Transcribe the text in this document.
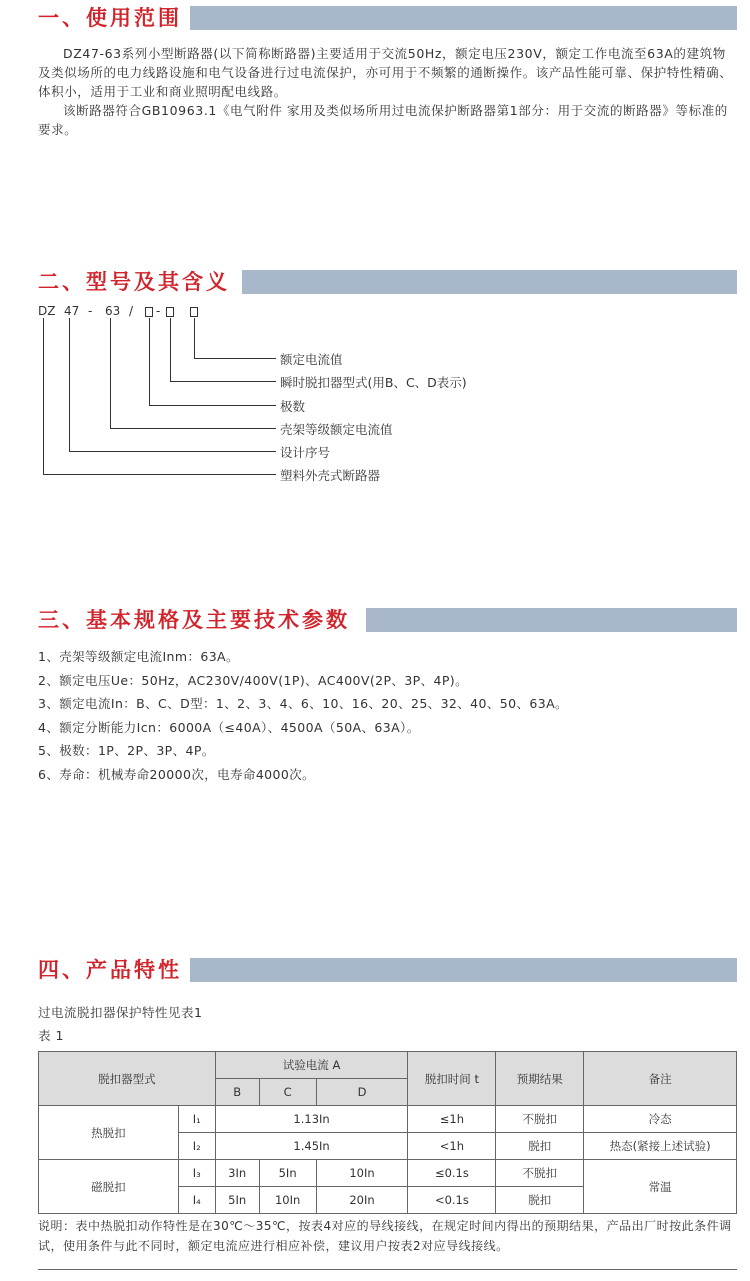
一、使用范围

DZ47-63系列小型断路器(以下简称断路器)主要适用于交流50Hz，额定电压230V，额定工作电流至63A的建筑物及类似场所的电力线路设施和电气设备进行过电流保护，亦可用于不频繁的通断操作。该产品性能可靠、保护特性精确、体积小，适用于工业和商业照明配电线路。

该断路器符合GB10963.1《电气附件 家用及类似场所用过电流保护断路器第1部分：用于交流的断路器》等标准的要求。

二、型号及其含义
DZ 47 - 63 / -
额定电流值
瞬时脱扣器型式(用B、C、D表示)
极数
壳架等级额定电流值
设计序号
塑料外壳式断路器
三、基本规格及主要技术参数
1、壳架等级额定电流Inm：63A。
2、额定电压Ue：50Hz，AC230V/400V(1P)、AC400V(2P、3P、4P)。
3、额定电流In：B、C、D型：1、2、3、4、6、10、16、20、25、32、40、50、63A。
4、额定分断能力Icn：6000A（≤40A）、4500A（50A、63A）。
5、极数：1P、2P、3P、4P。
6、寿命：机械寿命20000次，电寿命4000次。
四、产品特性
过电流脱扣器保护特性见表1
表 1
脱扣器型式		试验电流 A			脱扣时间 t	预期结果	备注
		B	C	D			
热脱扣	I₁	1.13In			≤1h	不脱扣	冷态
	I₂	1.45In			<1h	脱扣	热态(紧接上述试验)
磁脱扣	I₃	3In	5In	10In	≤0.1s	不脱扣	常温
	I₄	5In	10In	20In	<0.1s	脱扣	
说明：表中热脱扣动作特性是在30℃～35℃，按表4对应的导线接线，在规定时间内得出的预期结果，产品出厂时按此条件调试，使用条件与此不同时，额定电流应进行相应补偿，建议用户按表2对应导线接线。
